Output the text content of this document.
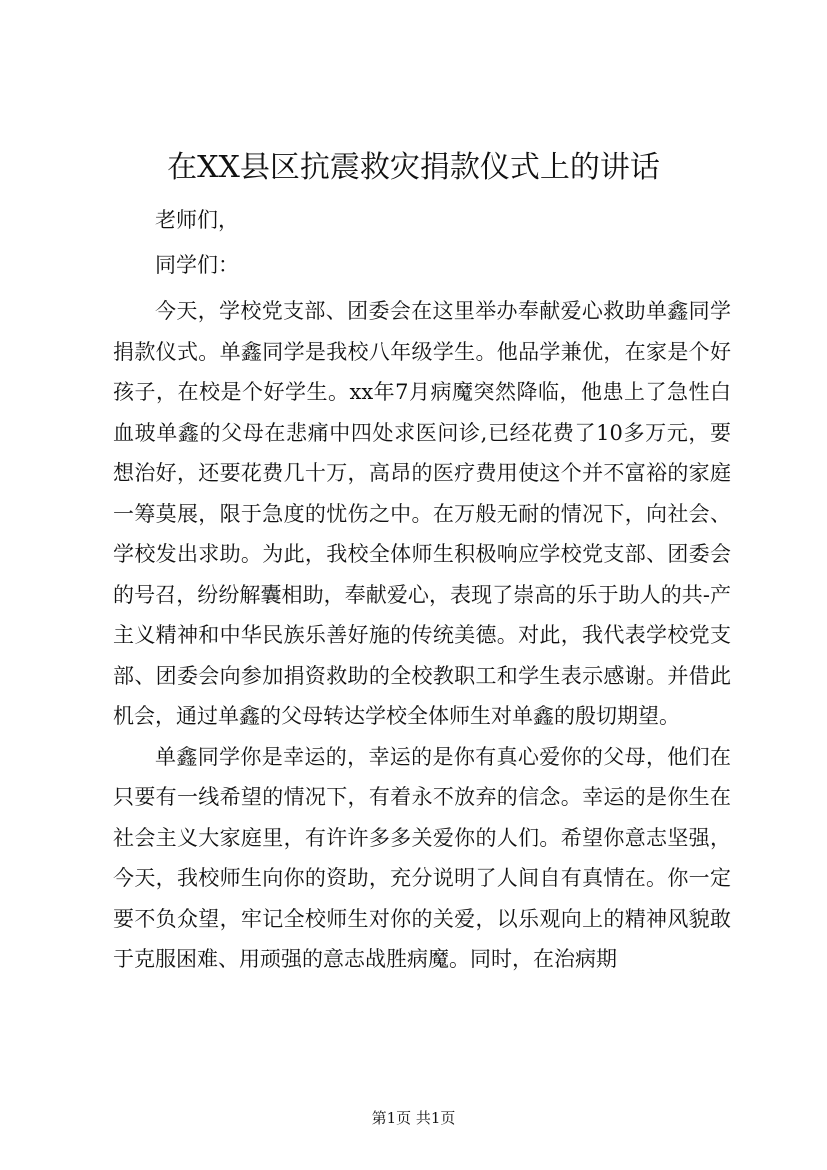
在XX县区抗震救灾捐款仪式上的讲话

老师们，

同学们：

今天，学校党支部、团委会在这里举办奉献爱心救助单鑫同学捐款仪式。单鑫同学是我校八年级学生。他品学兼优，在家是个好孩子，在校是个好学生。xx年7月病魔突然降临，他患上了急性白血玻单鑫的父母在悲痛中四处求医问诊,已经花费了10多万元，要想治好，还要花费几十万，高昂的医疗费用使这个并不富裕的家庭一筹莫展，限于急度的忧伤之中。在万般无耐的情况下，向社会、学校发出求助。为此，我校全体师生积极响应学校党支部、团委会的号召，纷纷解囊相助，奉献爱心，表现了崇高的乐于助人的共-产主义精神和中华民族乐善好施的传统美德。对此，我代表学校党支部、团委会向参加捐资救助的全校教职工和学生表示感谢。并借此机会，通过单鑫的父母转达学校全体师生对单鑫的殷切期望。

单鑫同学你是幸运的，幸运的是你有真心爱你的父母，他们在只要有一线希望的情况下，有着永不放弃的信念。幸运的是你生在社会主义大家庭里，有许许多多关爱你的人们。希望你意志坚强，今天，我校师生向你的资助，充分说明了人间自有真情在。你一定要不负众望，牢记全校师生对你的关爱，以乐观向上的精神风貌敢于克服困难、用顽强的意志战胜病魔。同时，在治病期

第1页 共1页
